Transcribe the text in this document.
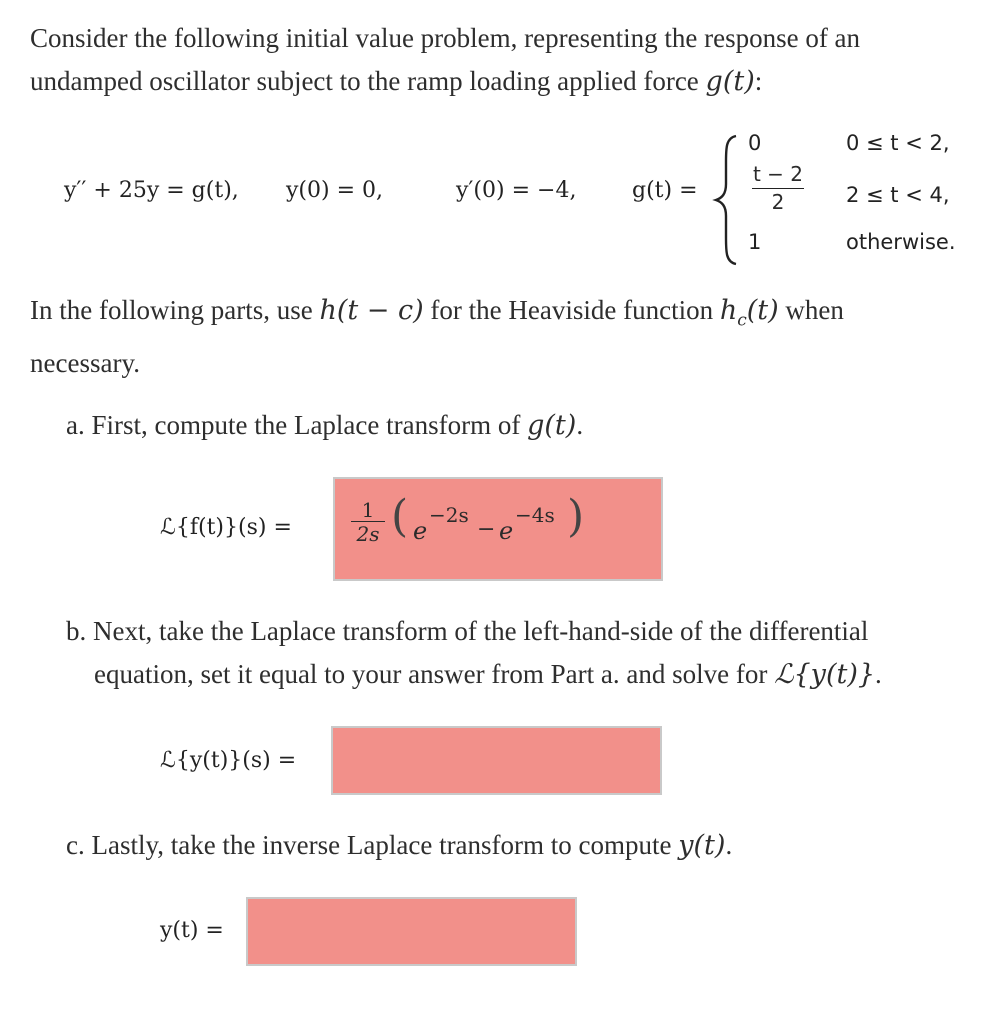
Consider the following initial value problem, representing the response of an
undamped oscillator subject to the ramp loading applied force g(t):
y′′ + 25y = g(t), y(0) = 0,	y′(0) = −4,	g(t) =
0
t − 2
2
1
0 ≤ t < 2,
2 ≤ t < 4,
otherwise.
In the following parts, use h(t − c) for the Heaviside function $h_c(t)$ when
necessary.
a. First, compute the Laplace transform of g(t).
ℒ{f(t)}(s) =
1
2s ( e
−2s
− e
−4s )
b. Next, take the Laplace transform of the left-hand-side of the differential
equation, set it equal to your answer from Part a. and solve for ℒ{y(t)}.
ℒ{y(t)}(s) =
c. Lastly, take the inverse Laplace transform to compute y(t).
y(t) =
